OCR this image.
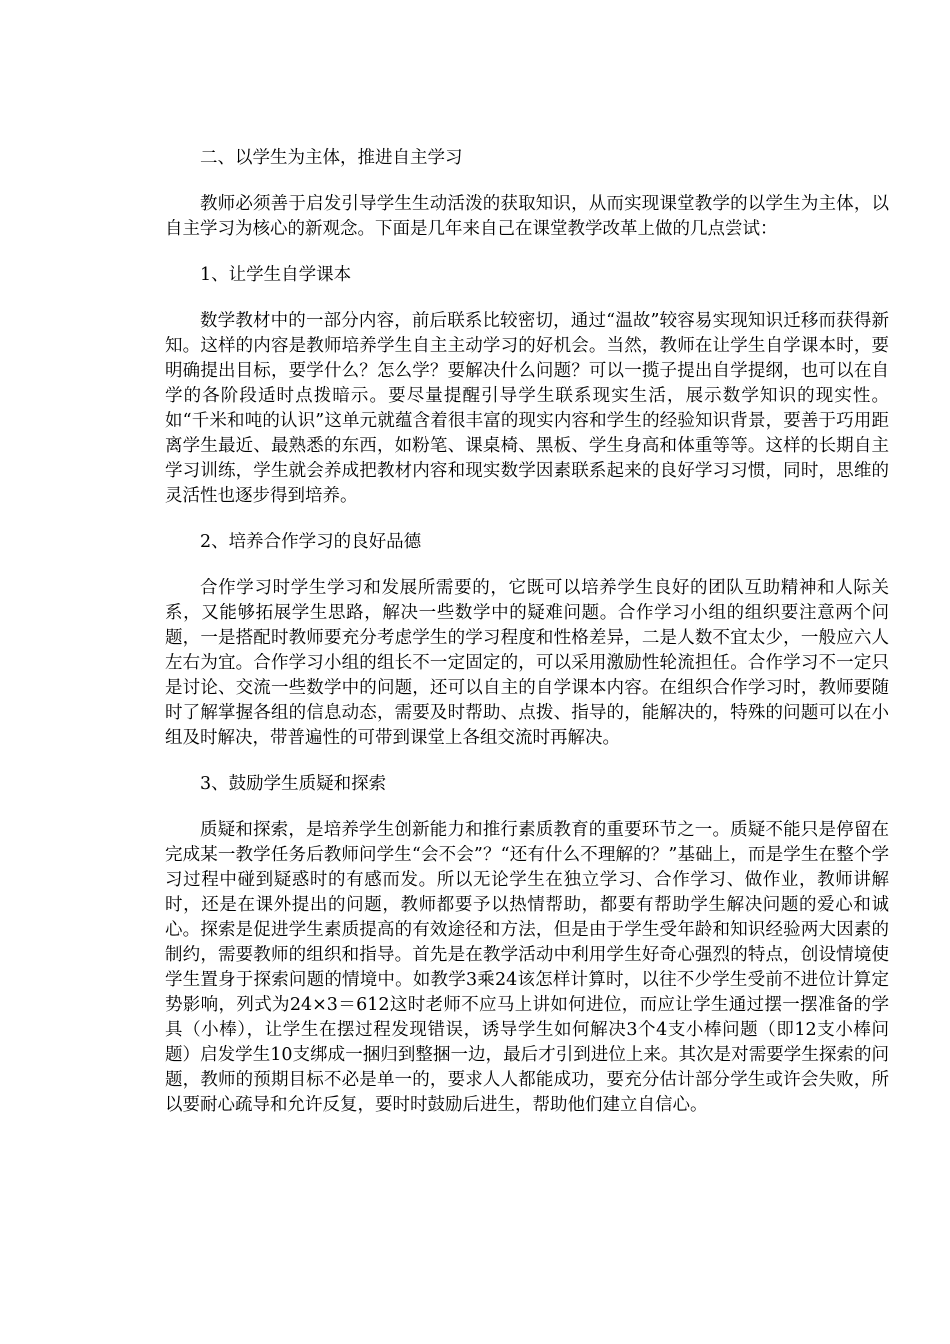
二、以学生为主体，推进自主学习

教师必须善于启发引导学生生动活泼的获取知识，从而实现课堂教学的以学生为主体，以自主学习为核心的新观念。下面是几年来自己在课堂教学改革上做的几点尝试：

1、让学生自学课本

数学教材中的一部分内容，前后联系比较密切，通过“温故”较容易实现知识迁移而获得新知。这样的内容是教师培养学生自主主动学习的好机会。当然，教师在让学生自学课本时，要明确提出目标，要学什么？怎么学？要解决什么问题？可以一揽子提出自学提纲，也可以在自学的各阶段适时点拨暗示。要尽量提醒引导学生联系现实生活，展示数学知识的现实性。如“千米和吨的认识”这单元就蕴含着很丰富的现实内容和学生的经验知识背景，要善于巧用距离学生最近、最熟悉的东西，如粉笔、课桌椅、黑板、学生身高和体重等等。这样的长期自主学习训练，学生就会养成把教材内容和现实数学因素联系起来的良好学习习惯，同时，思维的灵活性也逐步得到培养。

2、培养合作学习的良好品德

合作学习时学生学习和发展所需要的，它既可以培养学生良好的团队互助精神和人际关系，又能够拓展学生思路，解决一些数学中的疑难问题。合作学习小组的组织要注意两个问题，一是搭配时教师要充分考虑学生的学习程度和性格差异，二是人数不宜太少，一般应六人左右为宜。合作学习小组的组长不一定固定的，可以采用激励性轮流担任。合作学习不一定只是讨论、交流一些数学中的问题，还可以自主的自学课本内容。在组织合作学习时，教师要随时了解掌握各组的信息动态，需要及时帮助、点拨、指导的，能解决的，特殊的问题可以在小组及时解决，带普遍性的可带到课堂上各组交流时再解决。

3、鼓励学生质疑和探索

质疑和探索，是培养学生创新能力和推行素质教育的重要环节之一。质疑不能只是停留在完成某一教学任务后教师问学生“会不会”？“还有什么不理解的？”基础上，而是学生在整个学习过程中碰到疑惑时的有感而发。所以无论学生在独立学习、合作学习、做作业，教师讲解时，还是在课外提出的问题，教师都要予以热情帮助，都要有帮助学生解决问题的爱心和诚心。探索是促进学生素质提高的有效途径和方法，但是由于学生受年龄和知识经验两大因素的制约，需要教师的组织和指导。首先是在教学活动中利用学生好奇心强烈的特点，创设情境使学生置身于探索问题的情境中。如教学3乘24该怎样计算时，以往不少学生受前不进位计算定势影响，列式为24×3＝612这时老师不应马上讲如何进位，而应让学生通过摆一摆准备的学具（小棒），让学生在摆过程发现错误，诱导学生如何解决3个4支小棒问题（即12支小棒问题）启发学生10支绑成一捆归到整捆一边，最后才引到进位上来。其次是对需要学生探索的问题，教师的预期目标不必是单一的，要求人人都能成功，要充分估计部分学生或许会失败，所以要耐心疏导和允许反复，要时时鼓励后进生，帮助他们建立自信心。
